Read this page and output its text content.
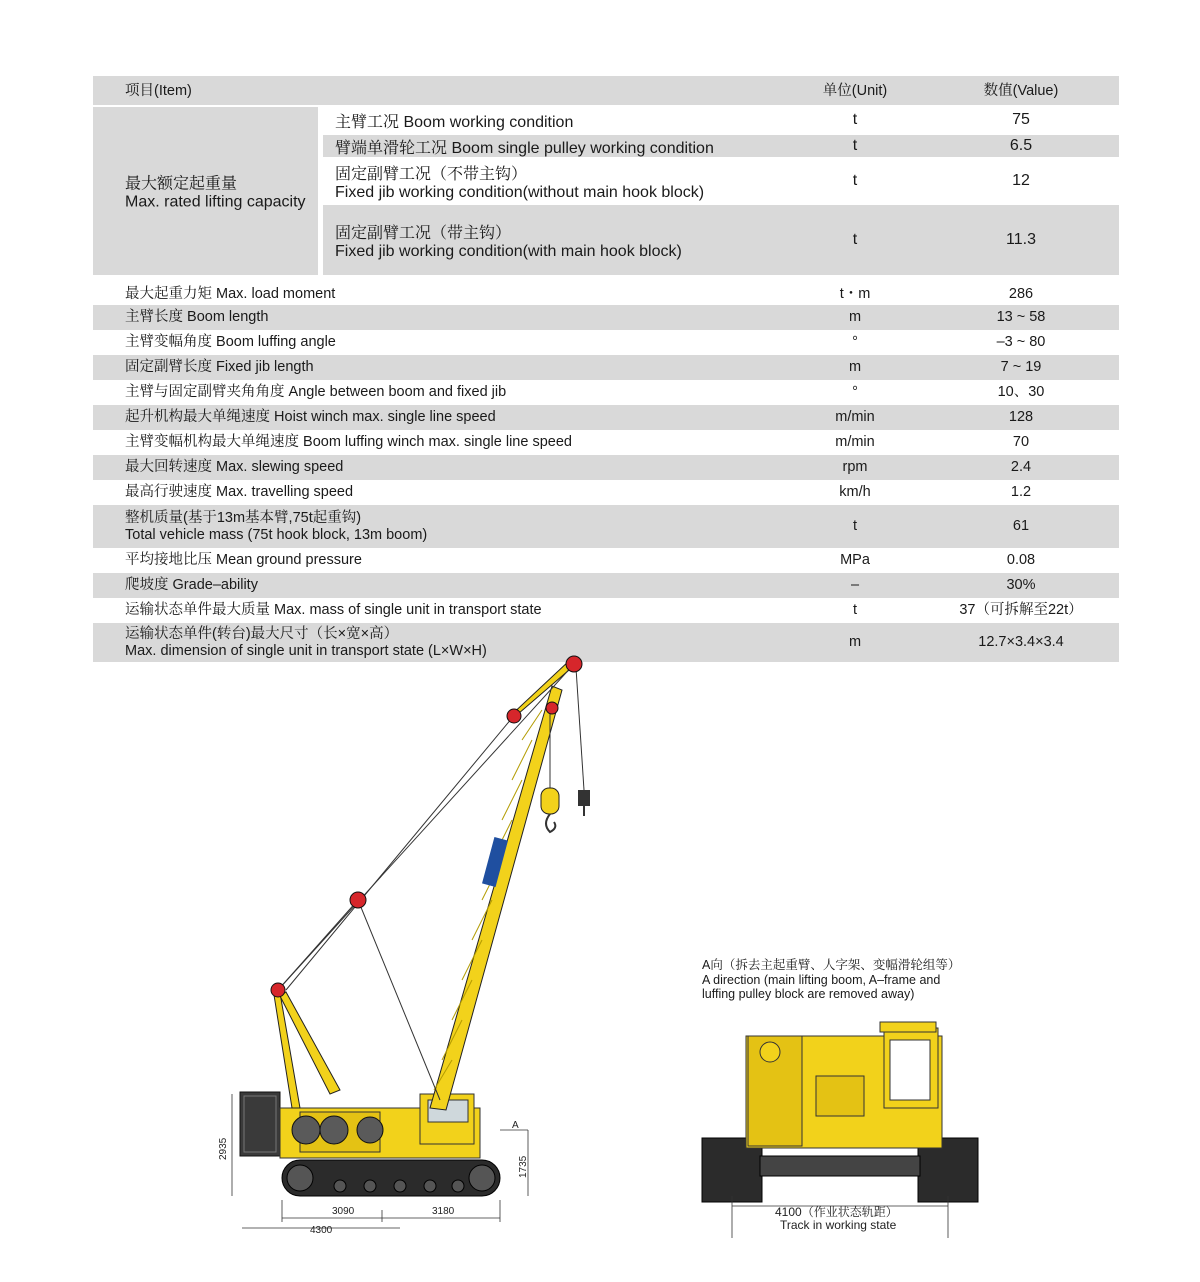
项目(Item)	单位(Unit)	数值(Value)
最大额定起重量
Max. rated lifting capacity
主臂工况 Boom working condition	t	75
臂端单滑轮工况 Boom single pulley working condition	t	6.5
固定副臂工况（不带主钩）
Fixed jib working condition(without main hook block)
t	12
固定副臂工况（带主钩）
Fixed jib working condition(with main hook block)
t	11.3
最大起重力矩 Max. load moment	t・m	286
主臂长度 Boom length	m	13 ~ 58
主臂变幅角度 Boom luffing angle	°	–3 ~ 80
固定副臂长度 Fixed jib length	m	7 ~ 19
主臂与固定副臂夹角角度 Angle between boom and fixed jib	°	10、30
起升机构最大单绳速度 Hoist winch max. single line speed	m/min	128
主臂变幅机构最大单绳速度 Boom luffing winch max. single line speed	m/min	70
最大回转速度 Max. slewing speed	rpm	2.4
最高行驶速度 Max. travelling speed	km/h	1.2
整机质量(基于13m基本臂,75t起重钩)
Total vehicle mass (75t hook block, 13m boom)
t	61
平均接地比压 Mean ground pressure	MPa	0.08
爬坡度 Grade–ability	–	30%
运输状态单件最大质量 Max. mass of single unit in transport state	t	37（可拆解至22t）
运输状态单件(转台)最大尺寸（长×宽×高）
Max. dimension of single unit in transport state (L×W×H)
m	12.7×3.4×3.4
2935
1735
3090	3180
4300
A
4100（作业状态轨距）
Track in working state
A向（拆去主起重臂、人字架、变幅滑轮组等）
A direction (main lifting boom, A–frame and
luffing pulley block are removed away)
